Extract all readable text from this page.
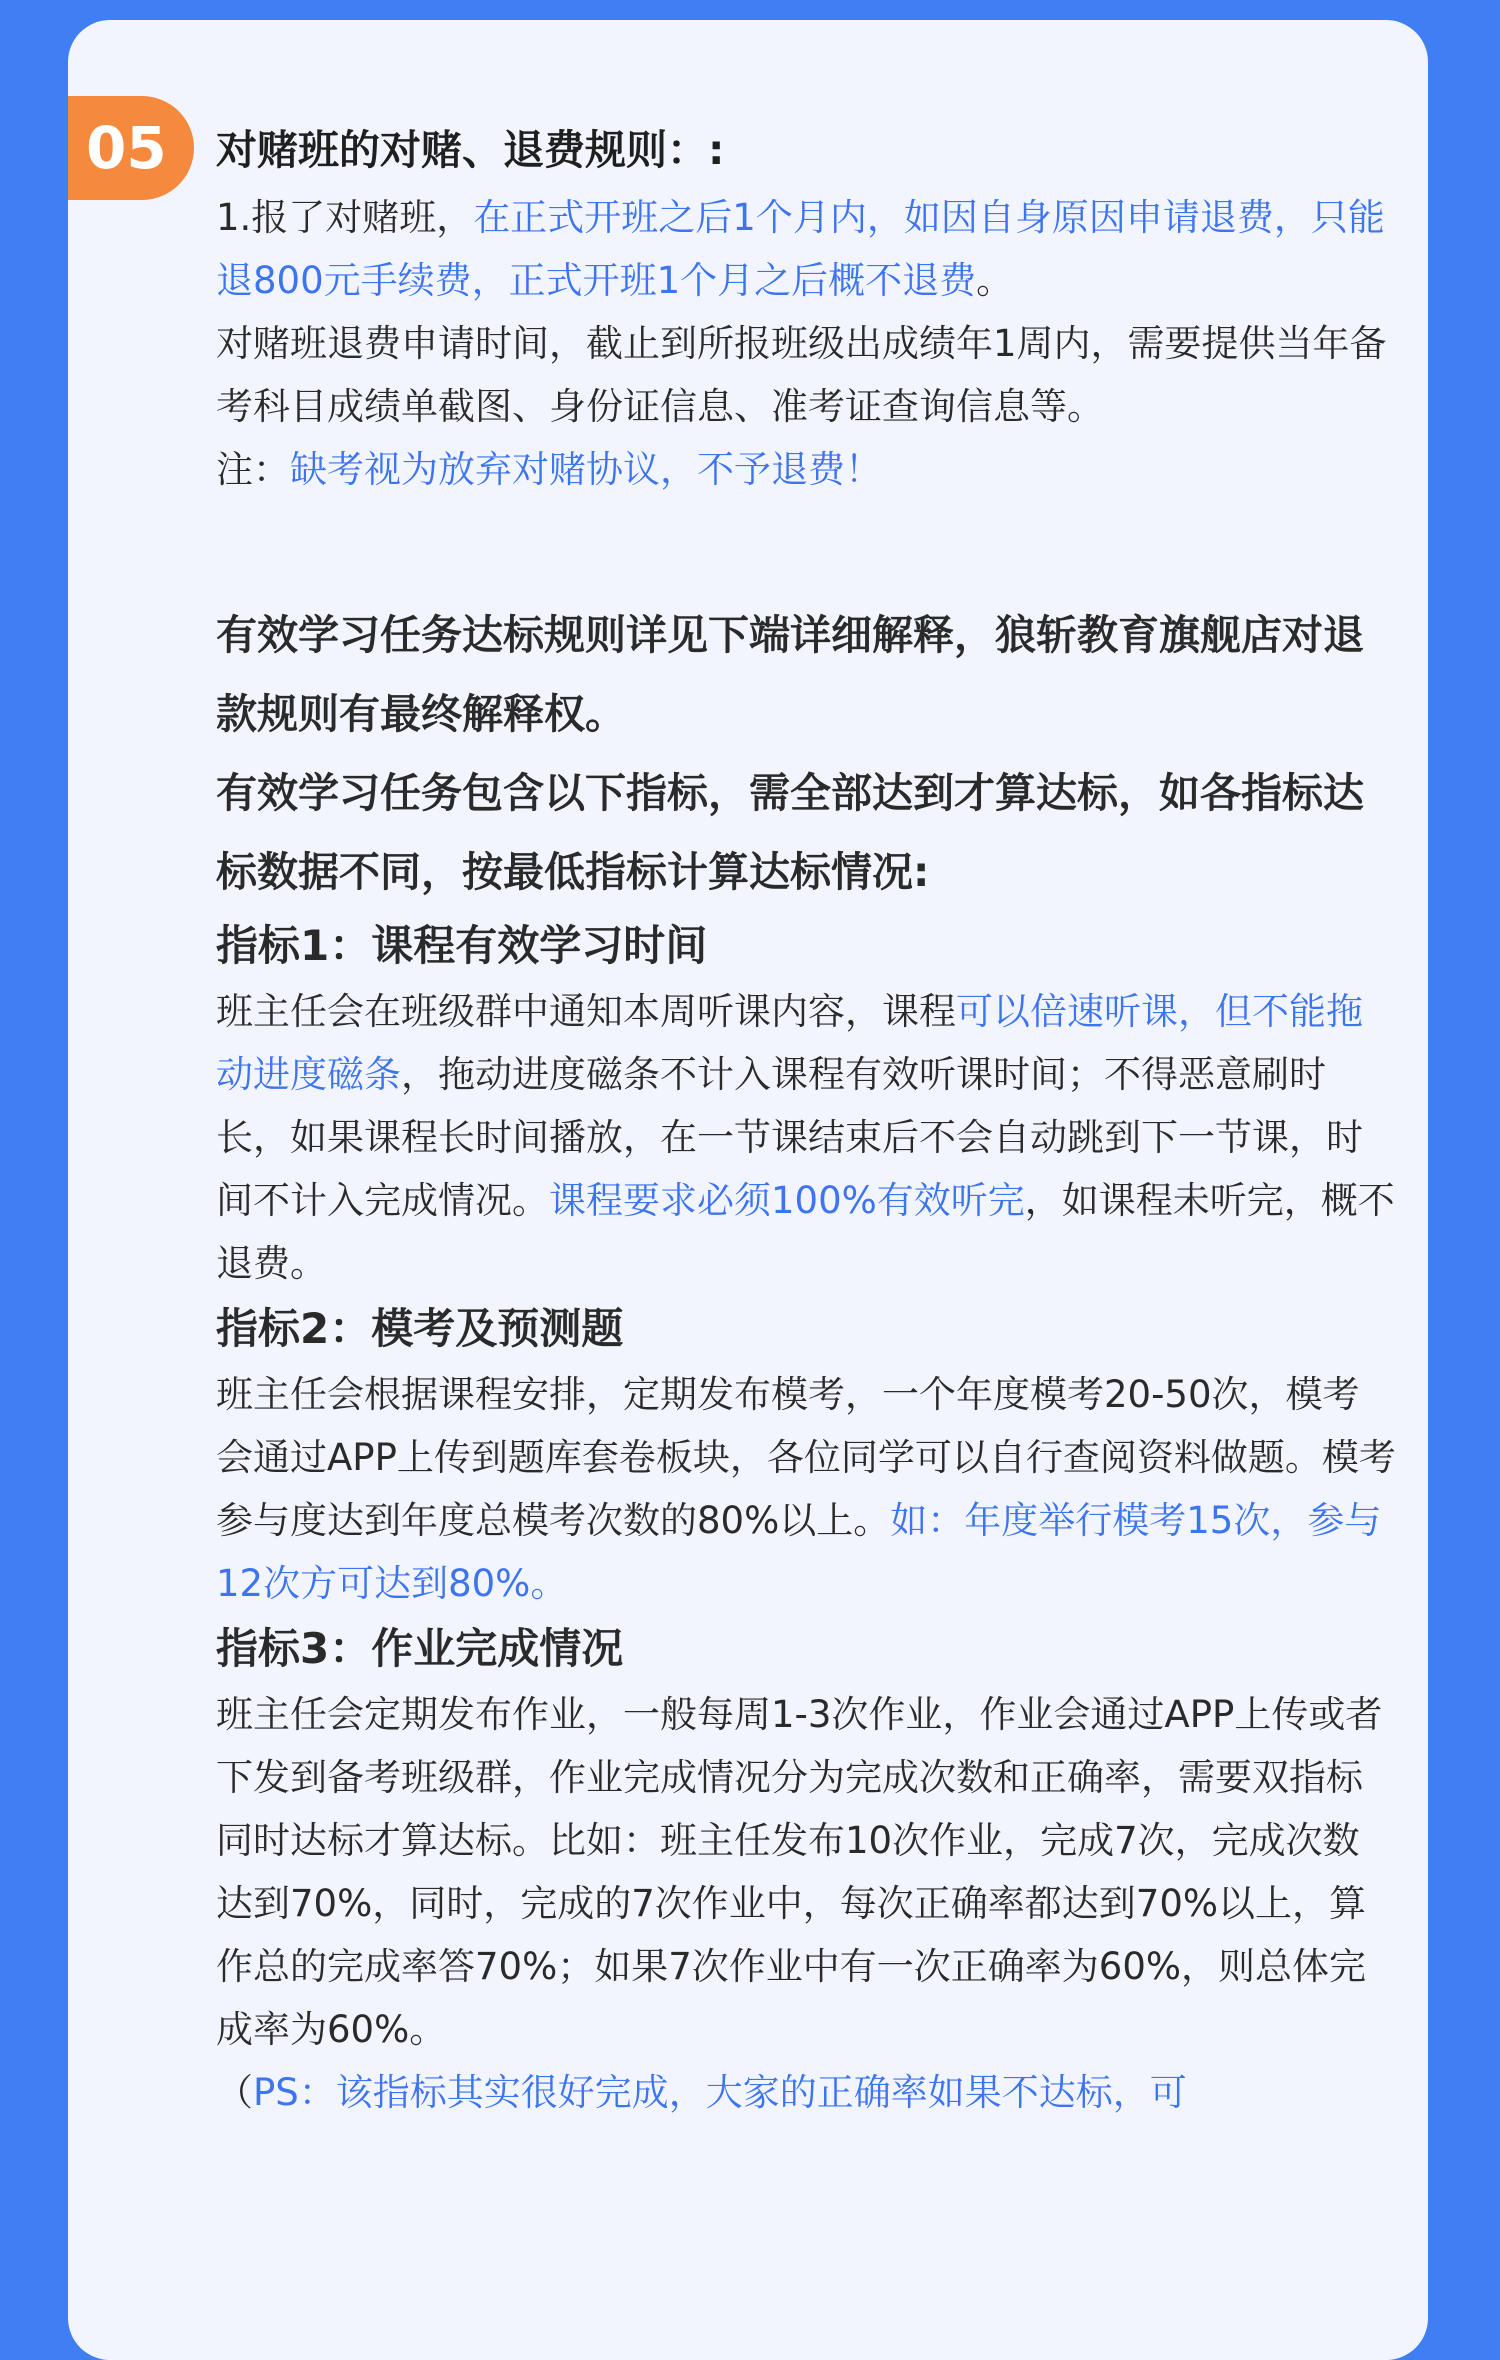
05	对赌班的对赌、退费规则：:

1.报了对赌班，在正式开班之后1个月内，如因自身原因申请退费，只能退800元手续费，正式开班1个月之后概不退费。

对赌班退费申请时间，截止到所报班级出成绩年1周内，需要提供当年备考科目成绩单截图、身份证信息、准考证查询信息等。

注：缺考视为放弃对赌协议，不予退费！

有效学习任务达标规则详见下端详细解释，狼斩教育旗舰店对退款规则有最终解释权。

有效学习任务包含以下指标，需全部达到才算达标，如各指标达标数据不同，按最低指标计算达标情况:

指标1：课程有效学习时间

班主任会在班级群中通知本周听课内容，课程可以倍速听课，但不能拖动进度磁条，拖动进度磁条不计入课程有效听课时间；不得恶意刷时长，如果课程长时间播放，在一节课结束后不会自动跳到下一节课，时间不计入完成情况。课程要求必须100%有效听完，如课程未听完，概不退费。

指标2：模考及预测题

班主任会根据课程安排，定期发布模考，一个年度模考20-50次，模考会通过APP上传到题库套卷板块，各位同学可以自行查阅资料做题。模考参与度达到年度总模考次数的80%以上。如：年度举行模考15次，参与12次方可达到80%。

指标3：作业完成情况

班主任会定期发布作业，一般每周1-3次作业，作业会通过APP上传或者下发到备考班级群，作业完成情况分为完成次数和正确率，需要双指标同时达标才算达标。比如：班主任发布10次作业，完成7次，完成次数达到70%，同时，完成的7次作业中，每次正确率都达到70%以上，算作总的完成率答70%；如果7次作业中有一次正确率为60%，则总体完成率为60%。

（PS：该指标其实很好完成，大家的正确率如果不达标，可
